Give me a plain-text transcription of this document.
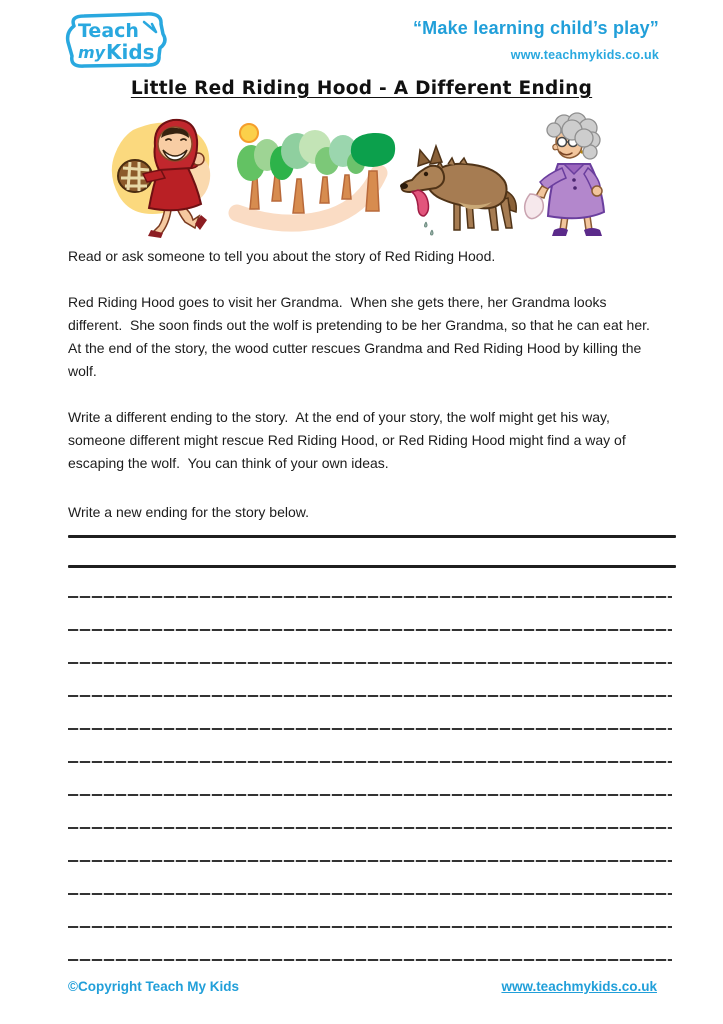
Teach
my Kids
“Make learning child’s play”
www.teachmykids.co.uk
Little Red Riding Hood - A Different Ending
Read or ask someone to tell you about the story of Red Riding Hood.
Red Riding Hood goes to visit her Grandma.  When she gets there, her Grandma looks different.  She soon finds out the wolf is pretending to be her Grandma, so that he can eat her.  At the end of the story, the wood cutter rescues Grandma and Red Riding Hood by killing the wolf.
Write a different ending to the story.  At the end of your story, the wolf might get his way, someone different might rescue Red Riding Hood, or Red Riding Hood might find a way of escaping the wolf.  You can think of your own ideas.
Write a new ending for the story below.
©Copyright Teach My Kids	www.teachmykids.co.uk
